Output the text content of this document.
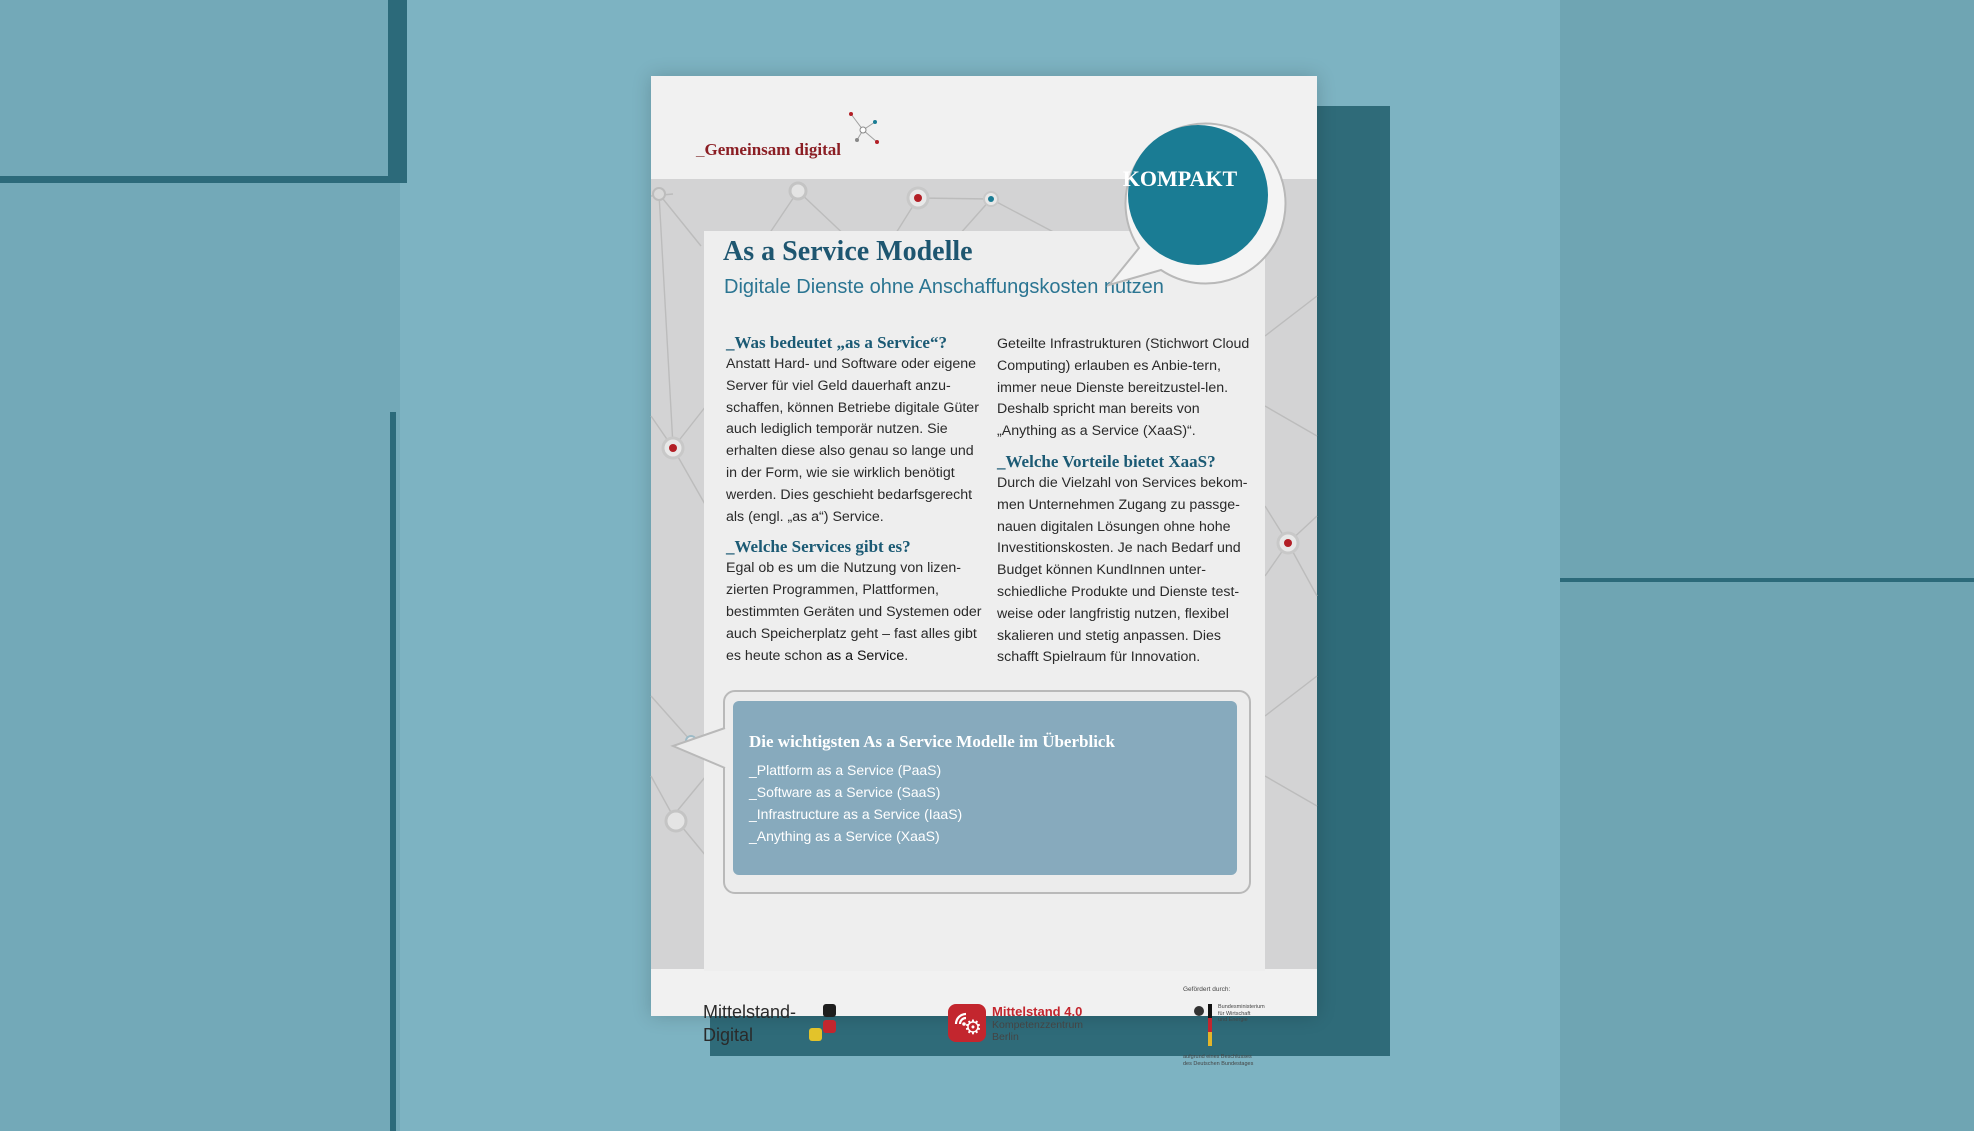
_Gemeinsam digital
As a Service Modelle
Digitale Dienste ohne Anschaffungskosten nutzen
_Was bedeutet „as a Service“?

Anstatt Hard- und Software oder eigene Server für viel Geld dauerhaft anzu-schaffen, können Betriebe digitale Güter auch lediglich temporär nutzen. Sie erhalten diese also genau so lange und in der Form, wie sie wirklich benötigt werden. Dies geschieht bedarfsgerecht als (engl. „as a“) Service.

_Welche Services gibt es?

Egal ob es um die Nutzung von lizen-zierten Programmen, Plattformen, bestimmten Geräten und Systemen oder auch Speicherplatz geht – fast alles gibt es heute schon as a Service.

Geteilte Infrastrukturen (Stichwort Cloud Computing) erlauben es Anbie-tern, immer neue Dienste bereitzustel-len. Deshalb spricht man bereits von „Anything as a Service (XaaS)“.

_Welche Vorteile bietet XaaS?

Durch die Vielzahl von Services bekom-men Unternehmen Zugang zu passge-nauen digitalen Lösungen ohne hohe Investitionskosten. Je nach Bedarf und Budget können KundInnen unter-schiedliche Produkte und Dienste test-weise oder langfristig nutzen, flexibel skalieren und stetig anpassen. Dies schafft Spielraum für Innovation.

Die wichtigsten As a Service Modelle im Überblick
_Plattform as a Service (PaaS)
_Software as a Service (SaaS)
_Infrastructure as a Service (IaaS)
_Anything as a Service (XaaS)
KOMPAKT
Mittelstand-
Digital	⚙
Mittelstand 4.0
Kompetenzzentrum
Berlin
Gefördert durch:
Bundesministerium
für Wirtschaft
und Energie
aufgrund eines Beschlusses
des Deutschen Bundestages
